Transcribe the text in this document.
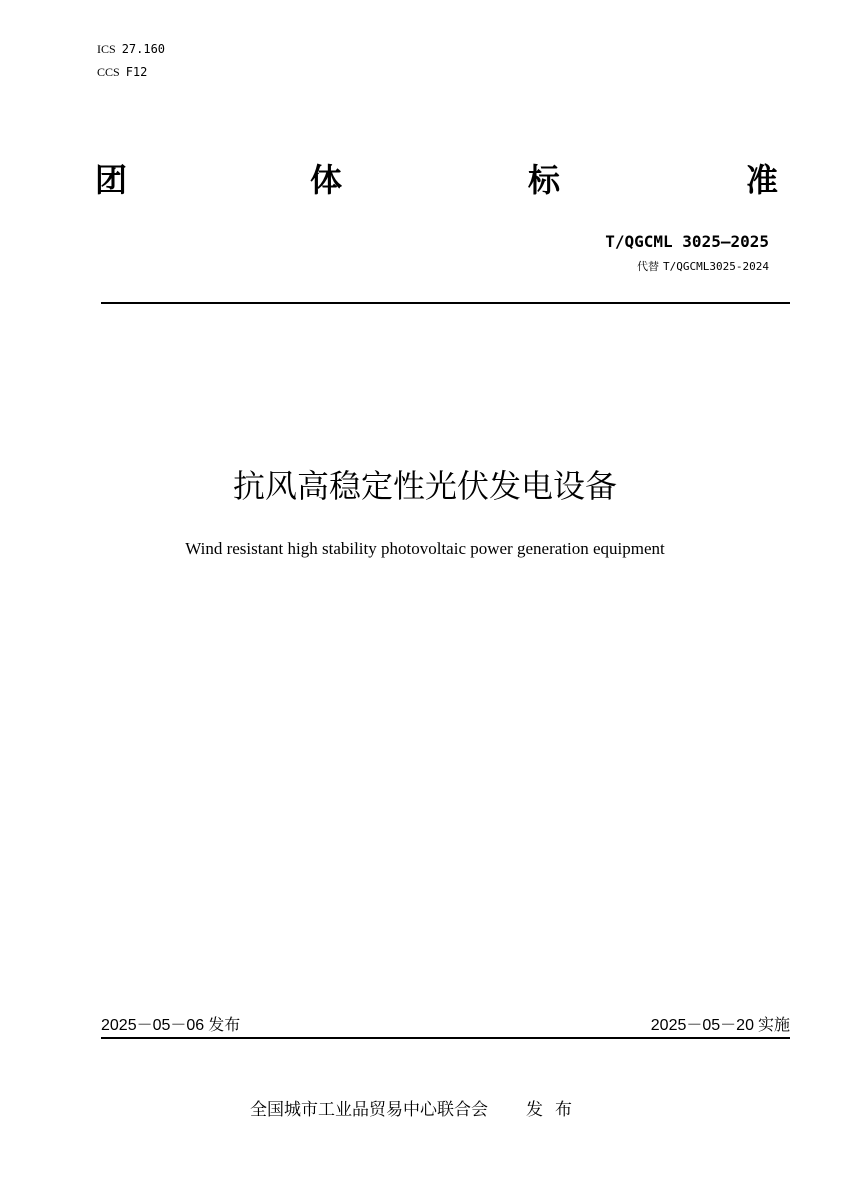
ICS 27.160
CCS F12
团	体	标	准
T/QGCML 3025—2025
代替 T/QGCML3025-2024
抗风高稳定性光伏发电设备
Wind resistant high stability photovoltaic power generation equipment
2025－05－06 发布	2025－05－20 实施
全国城市工业品贸易中心联合会 发布
